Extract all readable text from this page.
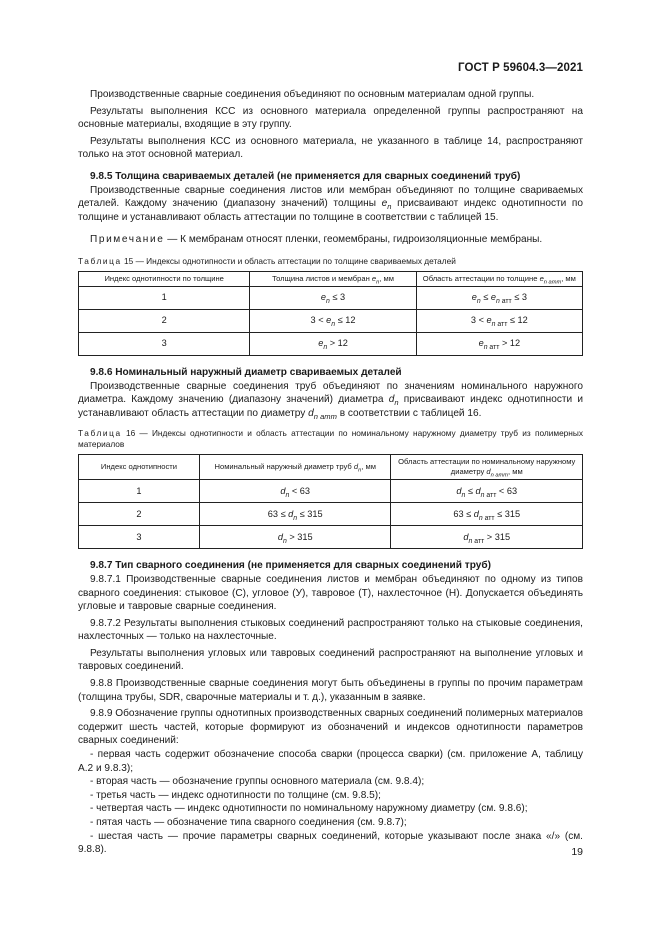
ГОСТ Р 59604.3—2021

Производственные сварные соединения объединяют по основным материалам одной группы.

Результаты выполнения КСС из основного материала определенной группы распространяют на основные материалы, входящие в эту группу.

Результаты выполнения КСС из основного материала, не указанного в таблице 14, распространяют только на этот основной материал.

9.8.5 Толщина свариваемых деталей (не применяется для сварных соединений труб)

Производственные сварные соединения листов или мембран объединяют по толщине свариваемых деталей. Каждому значению (диапазону значений) толщины $e_n$ присваивают индекс однотипности по толщине и устанавливают область аттестации по толщине в соответствии с таблицей 15.

Примечание — К мембранам относят пленки, геомембраны, гидроизоляционные мембраны.

Таблица 15 — Индексы однотипности и область аттестации по толщине свариваемых деталей

Индекс однотипности по толщине	Толщина листов и мембран $e_n$, мм	Область аттестации по толщине $e_{n атт}$, мм
1	$e_n \le 3$	$e_n \le e_{n атт} \le 3$
2	$3 < e_n \le 12$	$3 < e_{n атт} \le 12$
3	$e_n > 12$	$e_{n атт} > 12$

9.8.6 Номинальный наружный диаметр свариваемых деталей

Производственные сварные соединения труб объединяют по значениям номинального наружного диаметра. Каждому значению (диапазону значений) диаметра $d_n$ присваивают индекс однотипности и устанавливают область аттестации по диаметру $d_{n атт}$ в соответствии с таблицей 16.

Таблица 16 — Индексы однотипности и область аттестации по номинальному наружному диаметру труб из полимерных материалов

Индекс однотипности	Номинальный наружный диаметр труб $d_n$, мм	Область аттестации по номинальному наружному диаметру $d_{n атт}$, мм
1	$d_n < 63$	$d_n \le d_{n атт} < 63$
2	$63 \le d_n \le 315$	$63 \le d_{n атт} \le 315$
3	$d_n > 315$	$d_{n атт} > 315$

9.8.7 Тип сварного соединения (не применяется для сварных соединений труб)

9.8.7.1 Производственные сварные соединения листов и мембран объединяют по одному из типов сварного соединения: стыковое (С), угловое (У), тавровое (Т), нахлесточное (Н). Допускается объединять угловые и тавровые сварные соединения.

9.8.7.2 Результаты выполнения стыковых соединений распространяют только на стыковые соединения, нахлесточных — только на нахлесточные.

Результаты выполнения угловых или тавровых соединений распространяют на выполнение угловых и тавровых соединений.

9.8.8 Производственные сварные соединения могут быть объединены в группы по прочим параметрам (толщина трубы, SDR, сварочные материалы и т. д.), указанным в заявке.

9.8.9 Обозначение группы однотипных производственных сварных соединений полимерных материалов содержит шесть частей, которые формируют из обозначений и индексов однотипности параметров сварных соединений:

- первая часть содержит обозначение способа сварки (процесса сварки) (см. приложение А, таблицу А.2 и 9.8.3);

- вторая часть — обозначение группы основного материала (см. 9.8.4);

- третья часть — индекс однотипности по толщине (см. 9.8.5);

- четвертая часть — индекс однотипности по номинальному наружному диаметру (см. 9.8.6);

- пятая часть — обозначение типа сварного соединения (см. 9.8.7);

- шестая часть — прочие параметры сварных соединений, которые указывают после знака «/» (см. 9.8.8).	19
